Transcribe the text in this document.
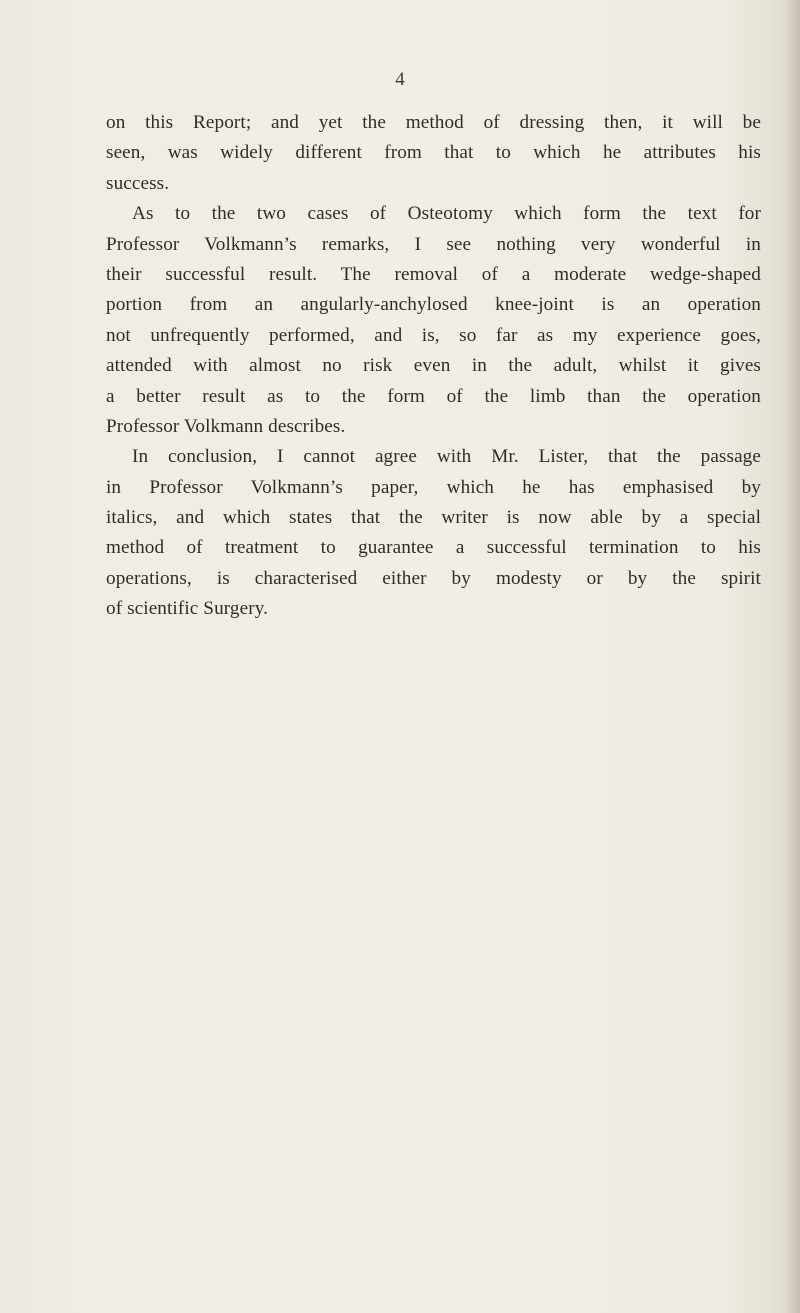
4
on this Report; and yet the method of dressing then, it will be
seen, was widely different from that to which he attributes his
success.
As to the two cases of Osteotomy which form the text for
Professor Volkmann’s remarks, I see nothing very wonderful in
their successful result. The removal of a moderate wedge-shaped
portion from an angularly-anchylosed knee-joint is an operation
not unfrequently performed, and is, so far as my experience goes,
attended with almost no risk even in the adult, whilst it gives
a better result as to the form of the limb than the operation
Professor Volkmann describes.
In conclusion, I cannot agree with Mr. Lister, that the passage
in Professor Volkmann’s paper, which he has emphasised by
italics, and which states that the writer is now able by a special
method of treatment to guarantee a successful termination to his
operations, is characterised either by modesty or by the spirit
of scientific Surgery.
